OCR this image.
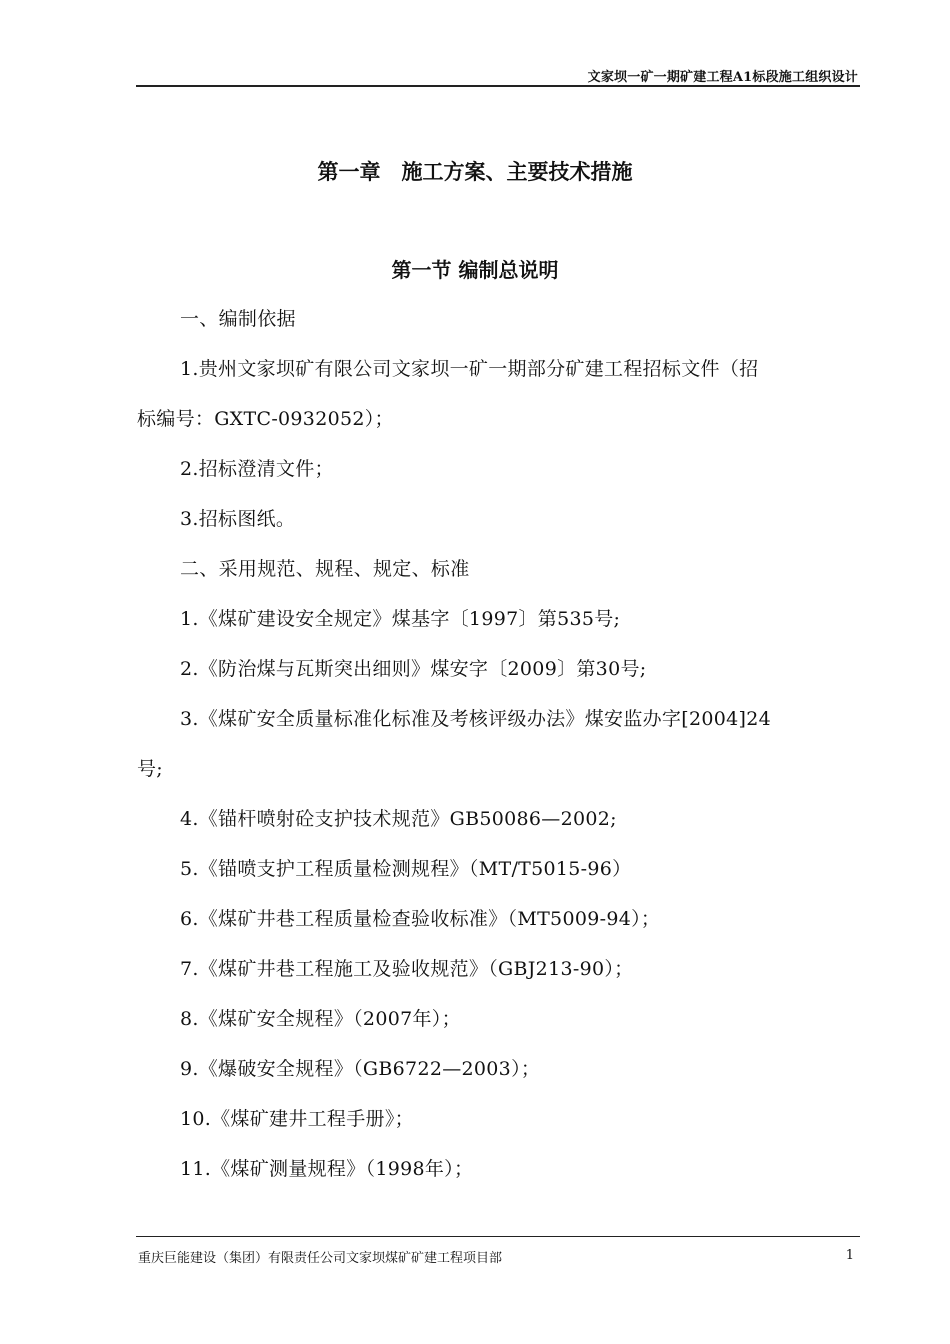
文家坝一矿一期矿建工程A1标段施工组织设计
第一章　施工方案、主要技术措施
第一节 编制总说明
一、编制依据
1.贵州文家坝矿有限公司文家坝一矿一期部分矿建工程招标文件（招
标编号：GXTC-0932052）；
2.招标澄清文件；
3.招标图纸。
二、采用规范、规程、规定、标准
1.《煤矿建设安全规定》煤基字〔1997〕第535号;
2.《防治煤与瓦斯突出细则》煤安字〔2009〕第30号;
3.《煤矿安全质量标准化标准及考核评级办法》煤安监办字[2004]24
号;
4.《锚杆喷射砼支护技术规范》GB50086—2002;
5.《锚喷支护工程质量检测规程》（MT/T5015-96）
6.《煤矿井巷工程质量检查验收标准》（MT5009-94）；
7.《煤矿井巷工程施工及验收规范》（GBJ213-90）；
8.《煤矿安全规程》（2007年）；
9.《爆破安全规程》（GB6722—2003）；
10.《煤矿建井工程手册》；
11.《煤矿测量规程》（1998年）；
重庆巨能建设（集团）有限责任公司文家坝煤矿矿建工程项目部	1
